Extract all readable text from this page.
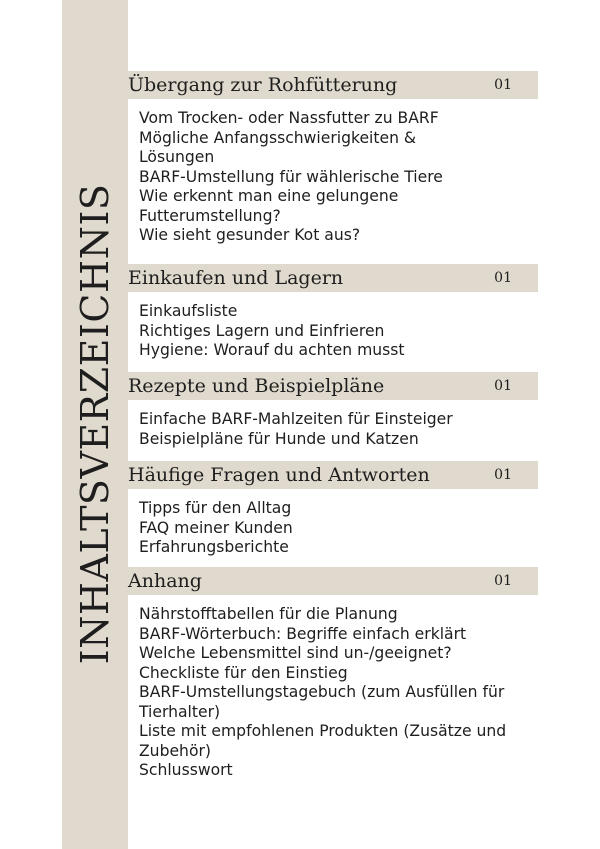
INHALTSVERZEICHNIS
Übergang zur Rohfütterung	01
Vom Trocken- oder Nassfutter zu BARF
Mögliche Anfangsschwierigkeiten & Lösungen
BARF-Umstellung für wählerische Tiere
Wie erkennt man eine gelungene Futterumstellung?
Wie sieht gesunder Kot aus?
Einkaufen und Lagern	01
Einkaufsliste
Richtiges Lagern und Einfrieren
Hygiene: Worauf du achten musst
Rezepte und Beispielpläne	01
Einfache BARF-Mahlzeiten für Einsteiger
Beispielpläne für Hunde und Katzen
Häufige Fragen und Antworten	01
Tipps für den Alltag
FAQ meiner Kunden
Erfahrungsberichte
Anhang	01
Nährstofftabellen für die Planung
BARF-Wörterbuch: Begriffe einfach erklärt
Welche Lebensmittel sind un-/geeignet?
Checkliste für den Einstieg
BARF-Umstellungstagebuch (zum Ausfüllen für Tierhalter)
Liste mit empfohlenen Produkten (Zusätze und Zubehör)
Schlusswort
